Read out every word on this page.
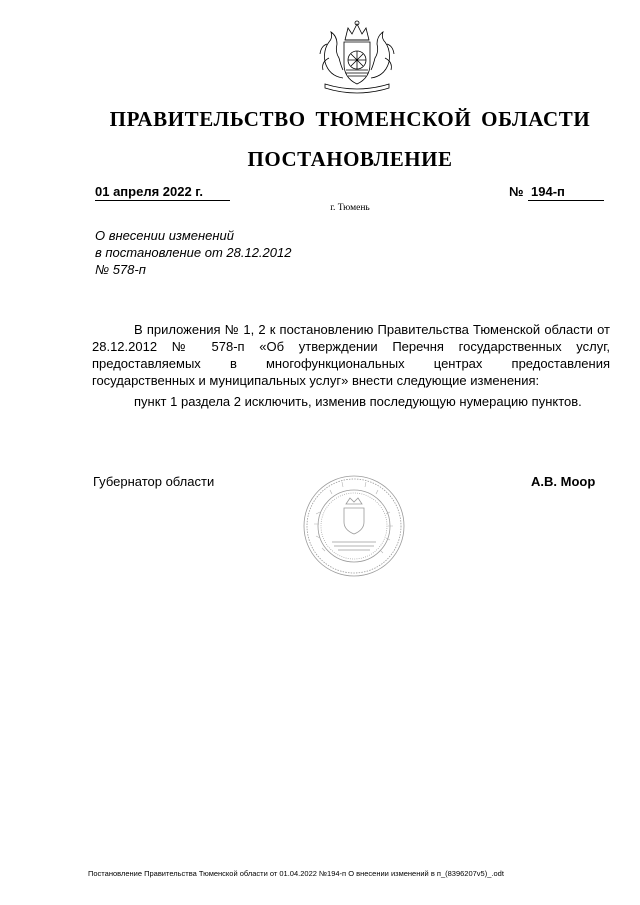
ПРАВИТЕЛЬСТВО ТЮМЕНСКОЙ ОБЛАСТИ
ПОСТАНОВЛЕНИЕ
01 апреля 2022 г.	№ 194-п
г. Тюмень
О внесении изменений
в постановление от 28.12.2012
№ 578-п
В приложения № 1, 2 к постановлению Правительства Тюменской области от 28.12.2012 № 578-п «Об утверждении Перечня государственных услуг, предоставляемых в многофункциональных центрах предоставления государственных и муниципальных услуг» внести следующие изменения:
пункт 1 раздела 2 исключить, изменив последующую нумерацию пунктов.
Губернатор области	А.В. Моор
Постановление Правительства Тюменской области от 01.04.2022 №194-п О внесении изменений в п_(8396207v5)_.odt
